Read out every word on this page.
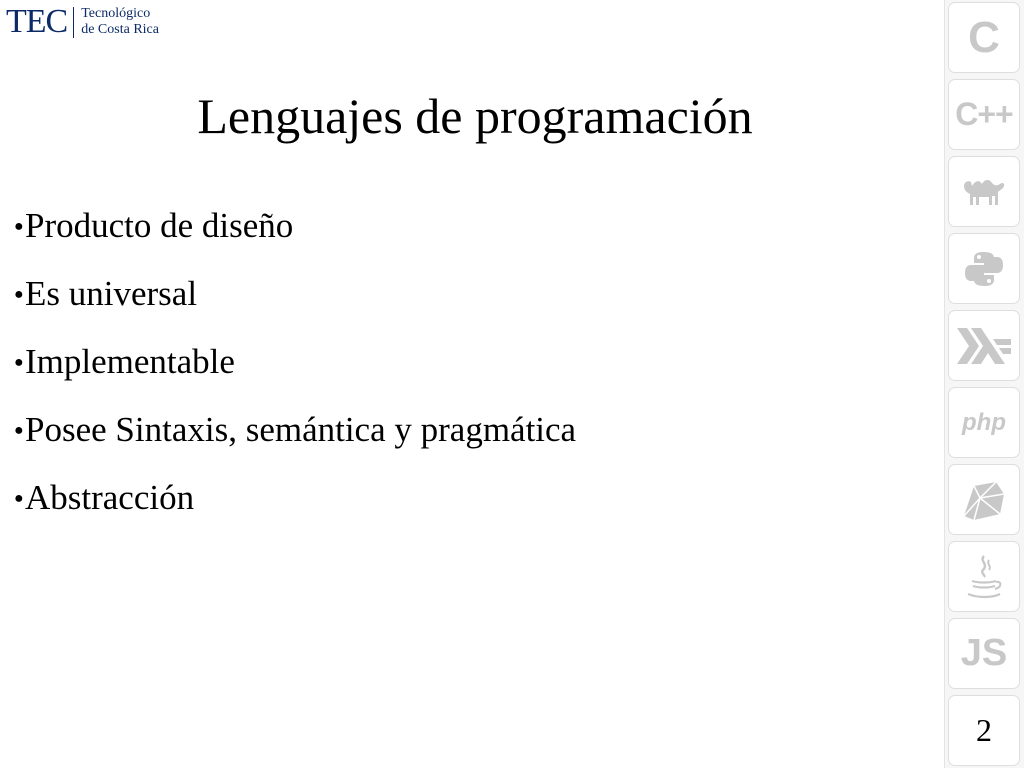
TEC Tecnológico
de Costa Rica
Lenguajes de programación
● Producto de diseño
● Es universal
● Implementable
● Posee Sintaxis, semántica y pragmática
● Abstracción
C
C++
php
JS
2
